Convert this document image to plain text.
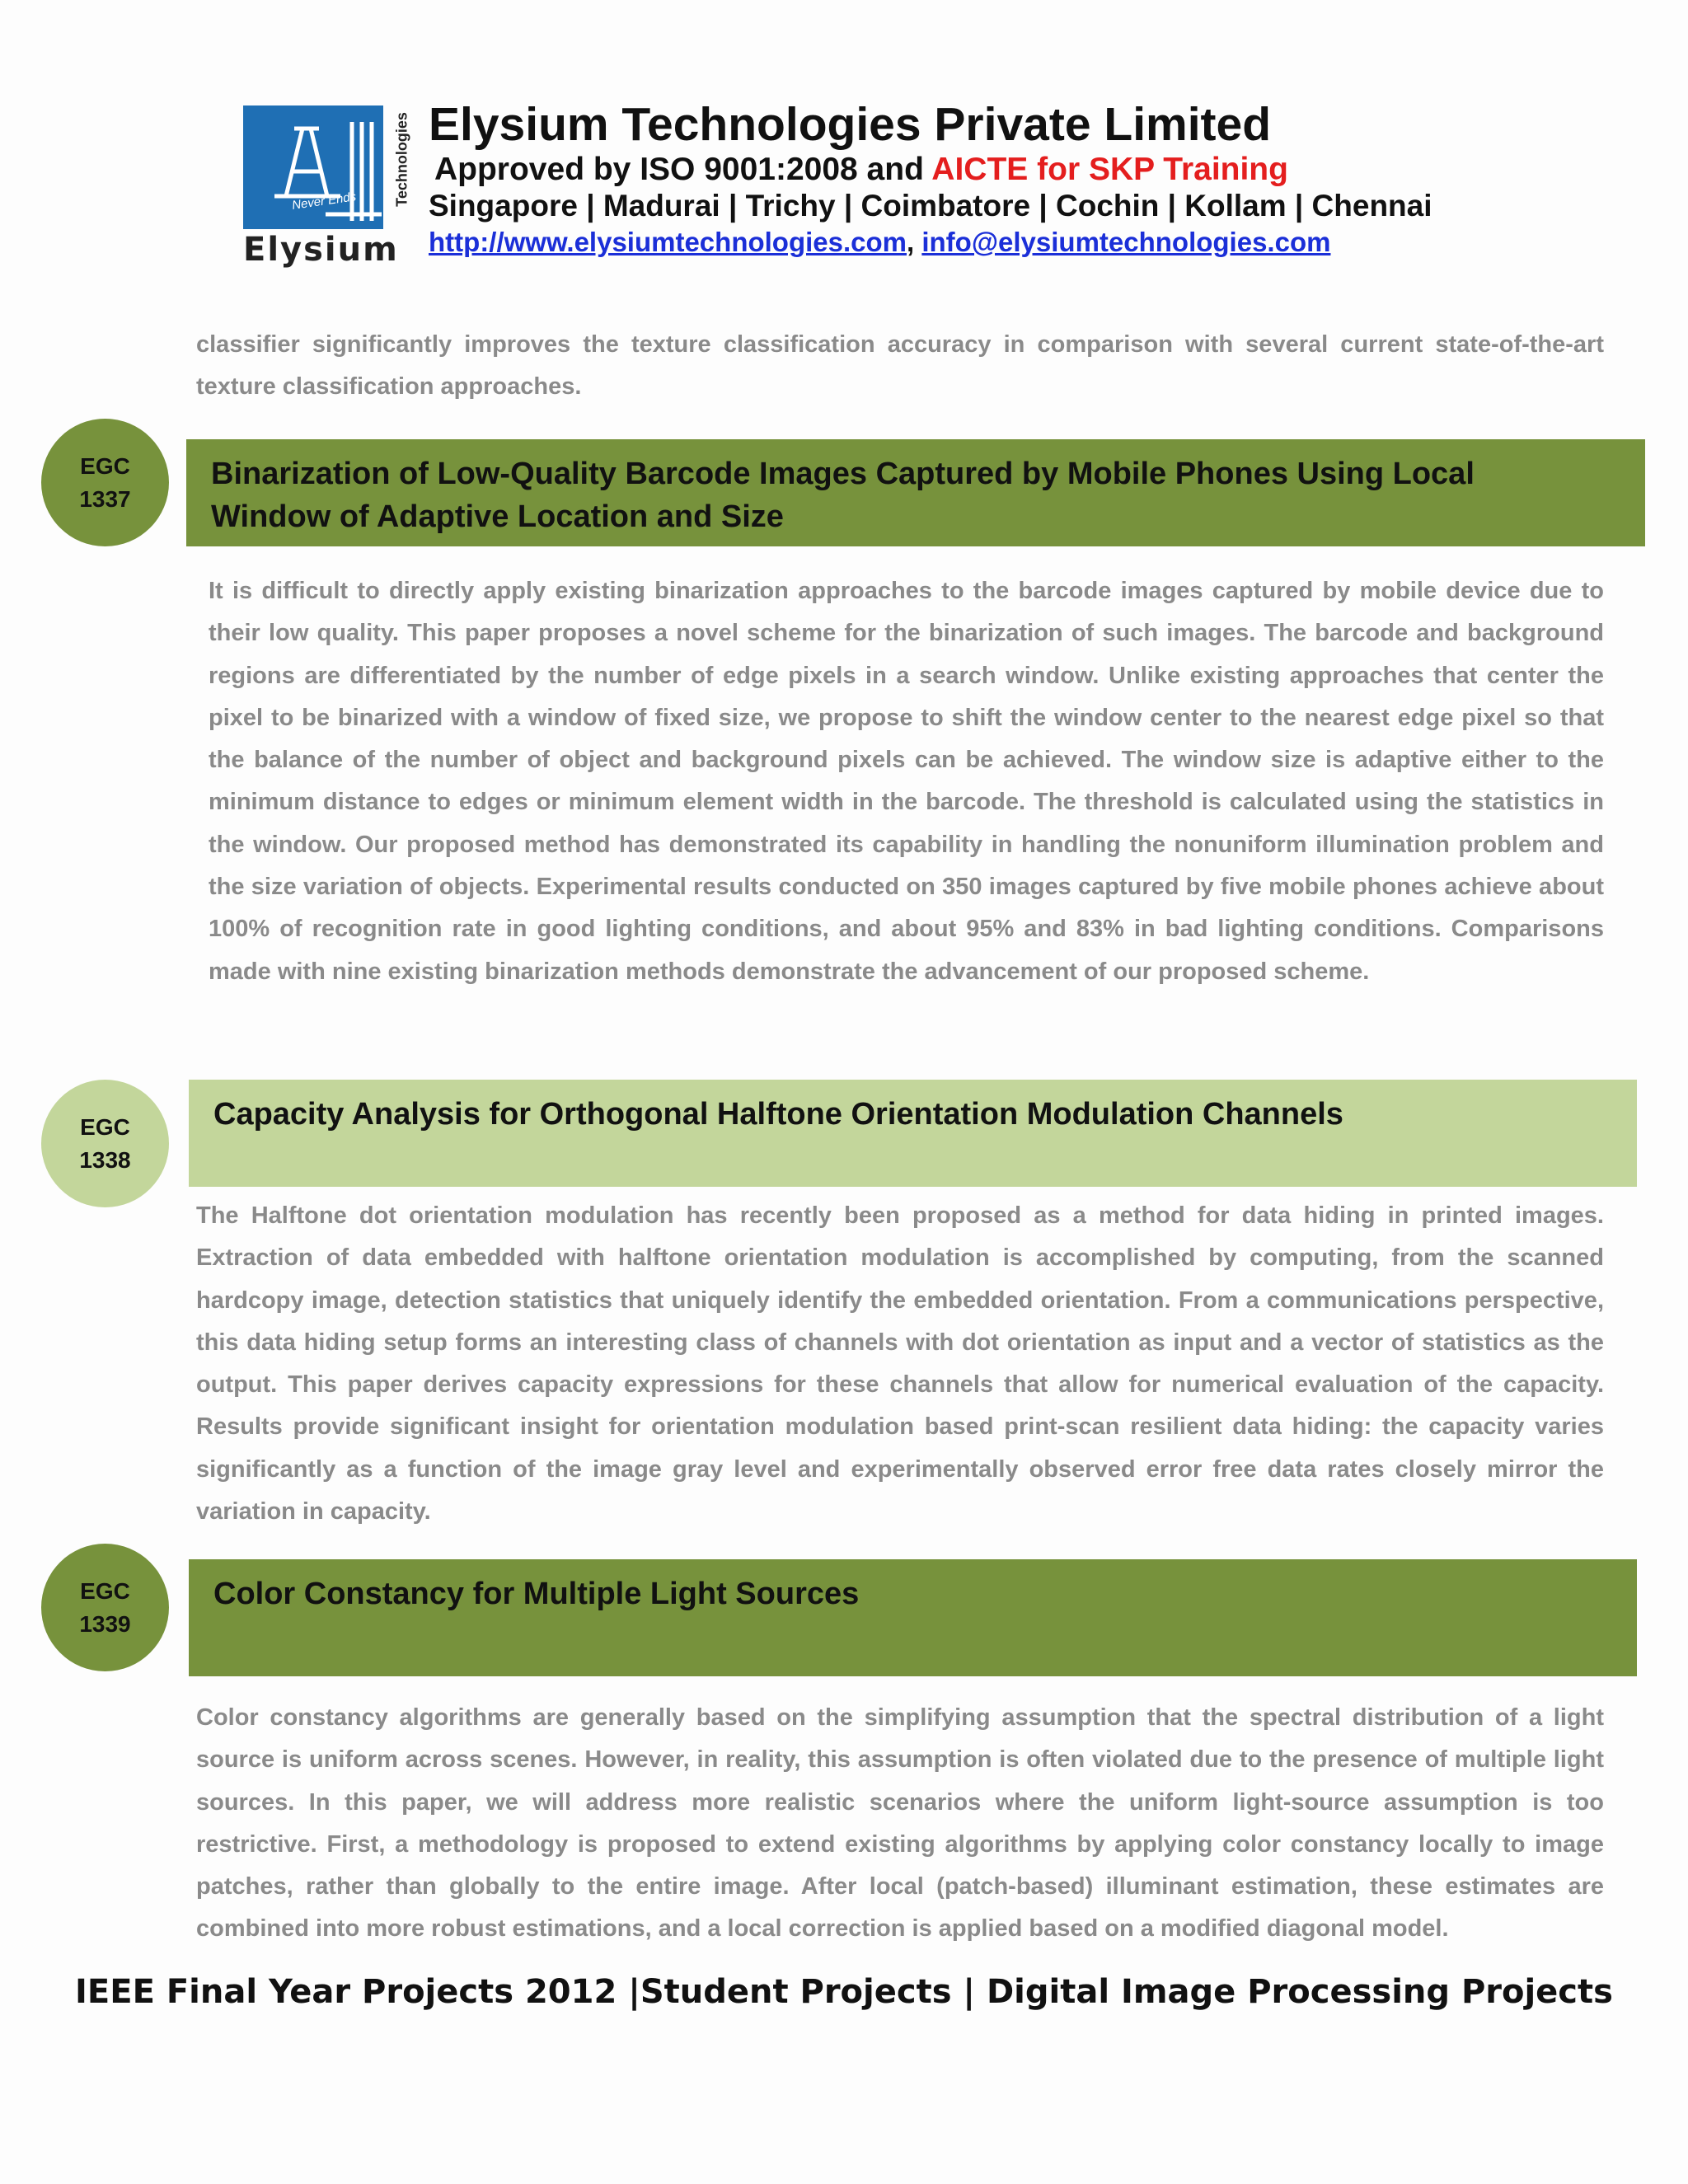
Never Ends Technologies
Elysium
Elysium Technologies Private Limited
Approved by ISO 9001:2008 and AICTE for SKP Training
Singapore | Madurai | Trichy | Coimbatore | Cochin | Kollam | Chennai
http://www.elysiumtechnologies.com, info@elysiumtechnologies.com
classifier significantly improves the texture classification accuracy in comparison with several current state-of-the-art texture classification approaches.
EGC
1337
Binarization of Low-Quality Barcode Images Captured by Mobile Phones Using Local Window of Adaptive Location and Size
It is difficult to directly apply existing binarization approaches to the barcode images captured by mobile device due to their low quality. This paper proposes a novel scheme for the binarization of such images. The barcode and background regions are differentiated by the number of edge pixels in a search window. Unlike existing approaches that center the pixel to be binarized with a window of fixed size, we propose to shift the window center to the nearest edge pixel so that the balance of the number of object and background pixels can be achieved. The window size is adaptive either to the minimum distance to edges or minimum element width in the barcode. The threshold is calculated using the statistics in the window. Our proposed method has demonstrated its capability in handling the nonuniform illumination problem and the size variation of objects. Experimental results conducted on 350 images captured by five mobile phones achieve about 100% of recognition rate in good lighting conditions, and about 95% and 83% in bad lighting conditions. Comparisons made with nine existing binarization methods demonstrate the advancement of our proposed scheme.
EGC
1338
Capacity Analysis for Orthogonal Halftone Orientation Modulation Channels
The Halftone dot orientation modulation has recently been proposed as a method for data hiding in printed images. Extraction of data embedded with halftone orientation modulation is accomplished by computing, from the scanned hardcopy image, detection statistics that uniquely identify the embedded orientation. From a communications perspective, this data hiding setup forms an interesting class of channels with dot orientation as input and a vector of statistics as the output. This paper derives capacity expressions for these channels that allow for numerical evaluation of the capacity. Results provide significant insight for orientation modulation based print-scan resilient data hiding: the capacity varies significantly as a function of the image gray level and experimentally observed error free data rates closely mirror the variation in capacity.
EGC
1339
Color Constancy for Multiple Light Sources
Color constancy algorithms are generally based on the simplifying assumption that the spectral distribution of a light source is uniform across scenes. However, in reality, this assumption is often violated due to the presence of multiple light sources. In this paper, we will address more realistic scenarios where the uniform light-source assumption is too restrictive. First, a methodology is proposed to extend existing algorithms by applying color constancy locally to image patches, rather than globally to the entire image. After local (patch-based) illuminant estimation, these estimates are combined into more robust estimations, and a local correction is applied based on a modified diagonal model.
IEEE Final Year Projects 2012 |Student Projects | Digital Image Processing Projects
